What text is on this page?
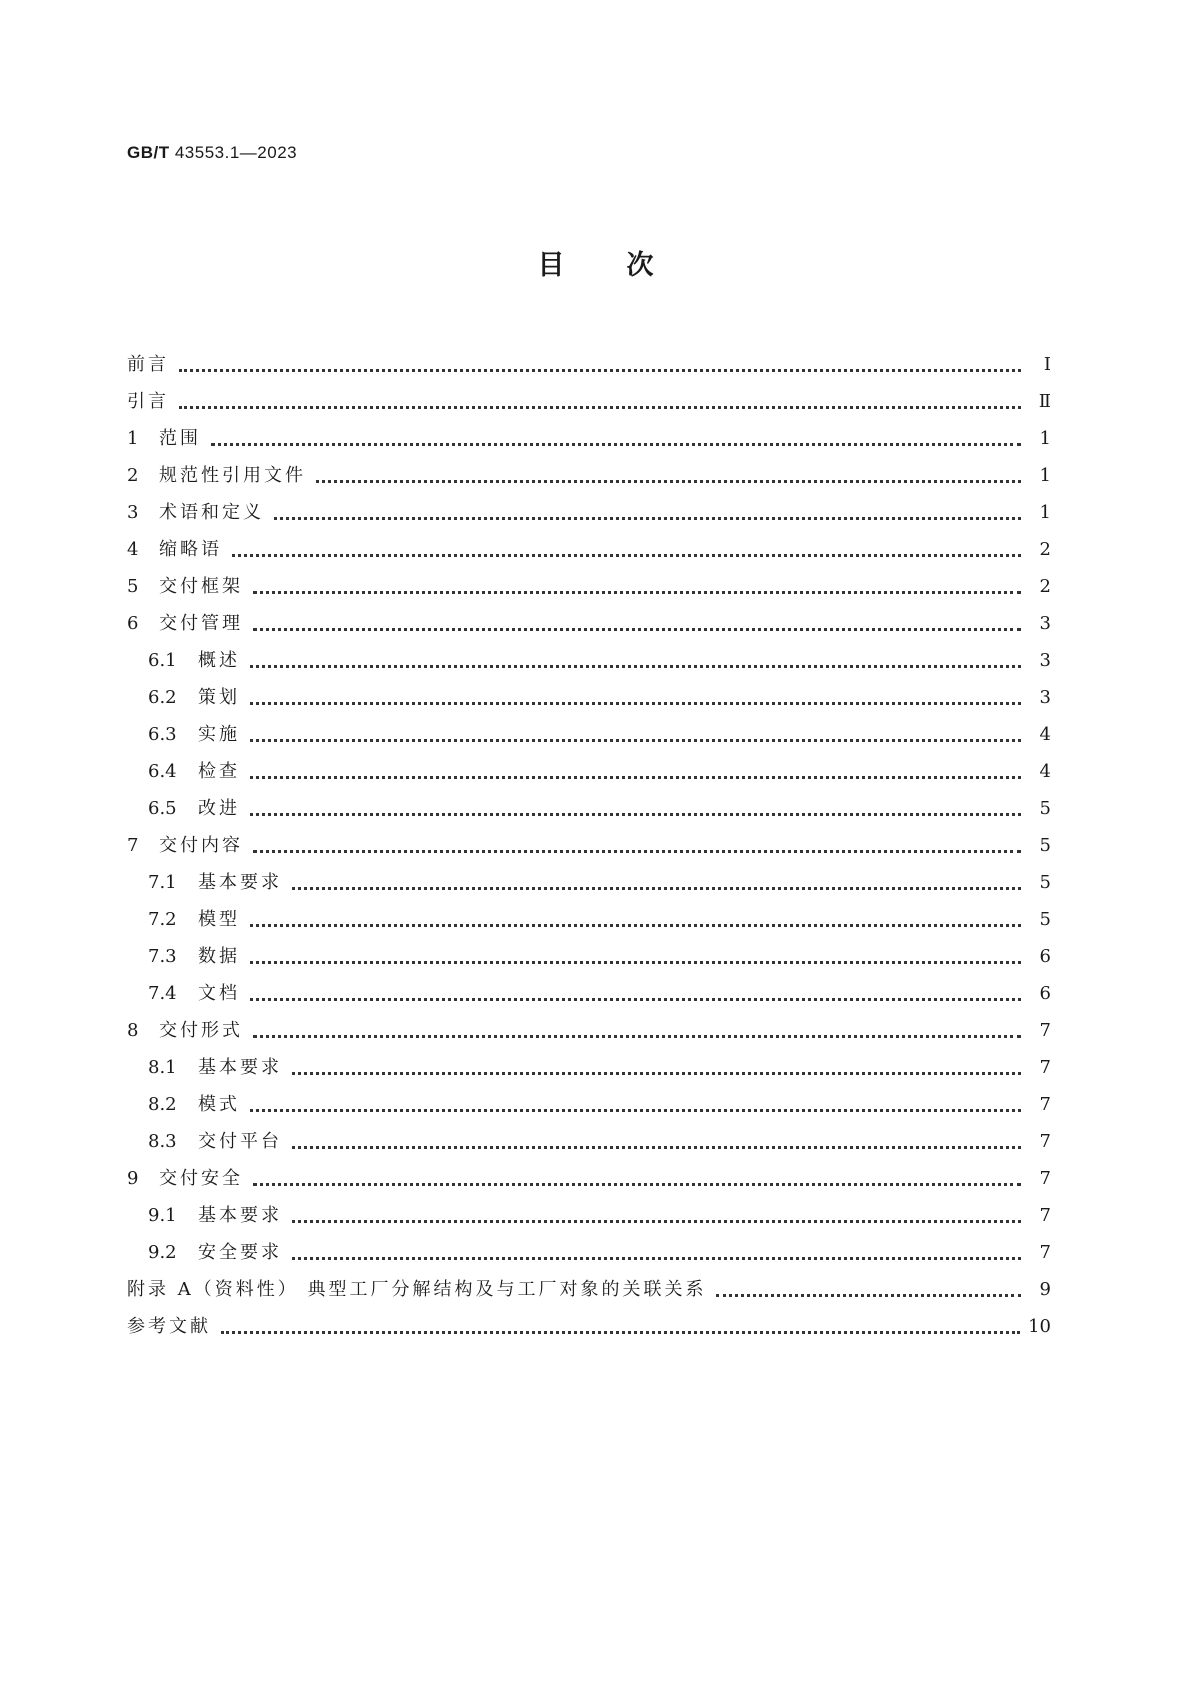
GB/T 43553.1—2023
目次
前言	Ⅰ
引言	Ⅱ
1	范围	1
2	规范性引用文件	1
3	术语和定义	1
4	缩略语	2
5	交付框架	2
6	交付管理	3
6.1	概述	3
6.2	策划	3
6.3	实施	4
6.4	检查	4
6.5	改进	5
7	交付内容	5
7.1	基本要求	5
7.2	模型	5
7.3	数据	6
7.4	文档	6
8	交付形式	7
8.1	基本要求	7
8.2	模式	7
8.3	交付平台	7
9	交付安全	7
9.1	基本要求	7
9.2	安全要求	7
附录 A（资料性） 典型工厂分解结构及与工厂对象的关联关系	9
参考文献	10
